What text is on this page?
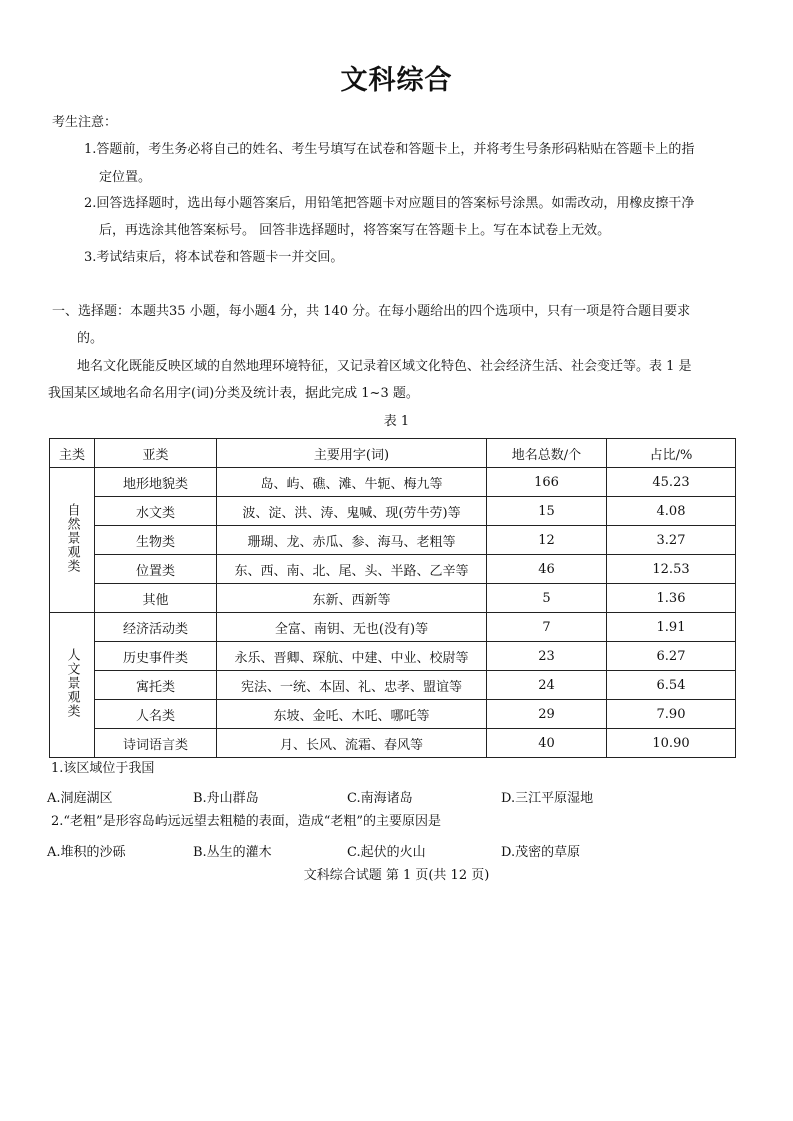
文科综合
考生注意：
1.答题前，考生务必将自己的姓名、考生号填写在试卷和答题卡上，并将考生号条形码粘贴在答题卡上的指
定位置。
2.回答选择题时，选出每小题答案后，用铅笔把答题卡对应题目的答案标号涂黑。如需改动，用橡皮擦干净
后，再选涂其他答案标号。 回答非选择题时，将答案写在答题卡上。写在本试卷上无效。
3.考试结束后，将本试卷和答题卡一并交回。
一、选择题：本题共35 小题，每小题4 分，共 140 分。在每小题给出的四个选项中，只有一项是符合题目要求
的。
地名文化既能反映区域的自然地理环境特征，又记录着区域文化特色、社会经济生活、社会变迁等。表 1 是
我国某区域地名命名用字(词)分类及统计表，据此完成 1~3 题。
表 1
主类	亚类	主要用字(词)	地名总数/个	占比/%
自然景观类	地形地貌类	岛、屿、礁、滩、牛轭、梅九等	166	45.23
	水文类	波、淀、洪、涛、鬼喊、现(劳牛劳)等	15	4.08
	生物类	珊瑚、龙、赤瓜、参、海马、老粗等	12	3.27
	位置类	东、西、南、北、尾、头、半路、乙辛等	46	12.53
	其他	东新、西新等	5	1.36
人文景观类	经济活动类	全富、南钥、无也(没有)等	7	1.91
	历史事件类	永乐、晋卿、琛航、中建、中业、校尉等	23	6.27
	寓托类	宪法、一统、本固、礼、忠孝、盟谊等	24	6.54
	人名类	东坡、金吒、木吒、哪吒等	29	7.90
	诗词语言类	月、长风、流霜、春风等	40	10.90
1.该区域位于我国
A.洞庭湖区	B.舟山群岛	C.南海诸岛	D.三江平原湿地
2.“老粗”是形容岛屿远远望去粗糙的表面，造成“老粗”的主要原因是
A.堆积的沙砾	B.丛生的灌木	C.起伏的火山	D.茂密的草原
文科综合试题 第 1 页(共 12 页)
